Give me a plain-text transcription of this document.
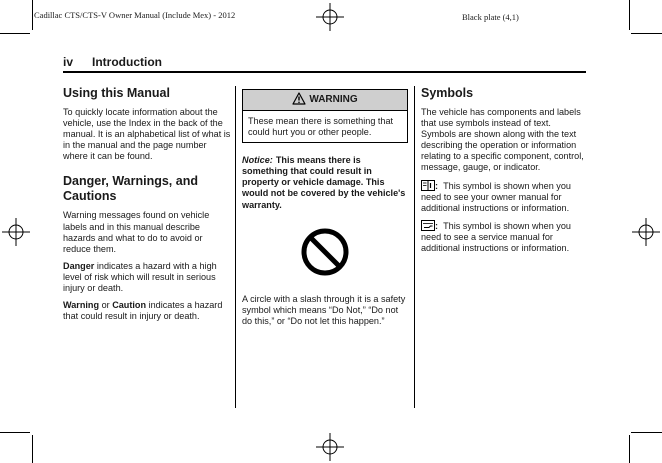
Cadillac CTS/CTS-V Owner Manual (Include Mex) - 2012	Black plate (4,1)
iv Introduction
Using this Manual

To quickly locate information about the vehicle, use the Index in the back of the manual. It is an alphabetical list of what is in the manual and the page number where it can be found.

Danger, Warnings, and Cautions

Warning messages found on vehicle labels and in this manual describe hazards and what to do to avoid or reduce them.

Danger indicates a hazard with a high level of risk which will result in serious injury or death.

Warning or Caution indicates a hazard that could result in injury or death.

WARNING
These mean there is something that could hurt you or other people.

Notice: This means there is something that could result in property or vehicle damage. This would not be covered by the vehicle's warranty.

A circle with a slash through it is a safety symbol which means “Do Not,” “Do not do this,” or “Do not let this happen.”

Symbols

The vehicle has components and labels that use symbols instead of text. Symbols are shown along with the text describing the operation or information relating to a specific component, control, message, gauge, or indicator.

: This symbol is shown when you need to see your owner manual for additional instructions or information.

: This symbol is shown when you need to see a service manual for additional instructions or information.
